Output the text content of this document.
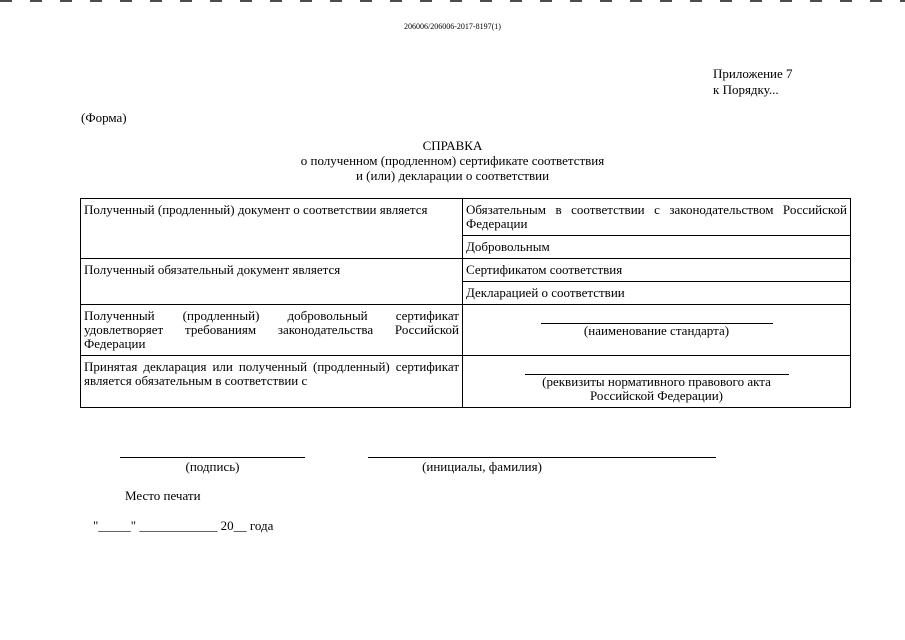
206006/206006-2017-8197(1)
Приложение 7
к Порядку...
(Форма)
СПРАВКА
о полученном (продленном) сертификате соответствия
и (или) декларации о соответствии
Полученный (продленный) документ о соответствии является	Обязательным в соответствии с законодательством Российской Федерации
	Добровольным
Полученный обязательный документ является	Сертификатом соответствия
	Декларацией о соответствии
Полученный (продленный) добровольный сертификат удовлетворяет требованиям законодательства Российской Федерации	(наименование стандарта)

Принятая декларация или полученный (продленный) сертификат является обязательным в соответствии с	(реквизиты нормативного правового акта
Российской Федерации)
(подпись)	(инициалы, фамилия)
Место печати
"_____" ____________ 20__ года
